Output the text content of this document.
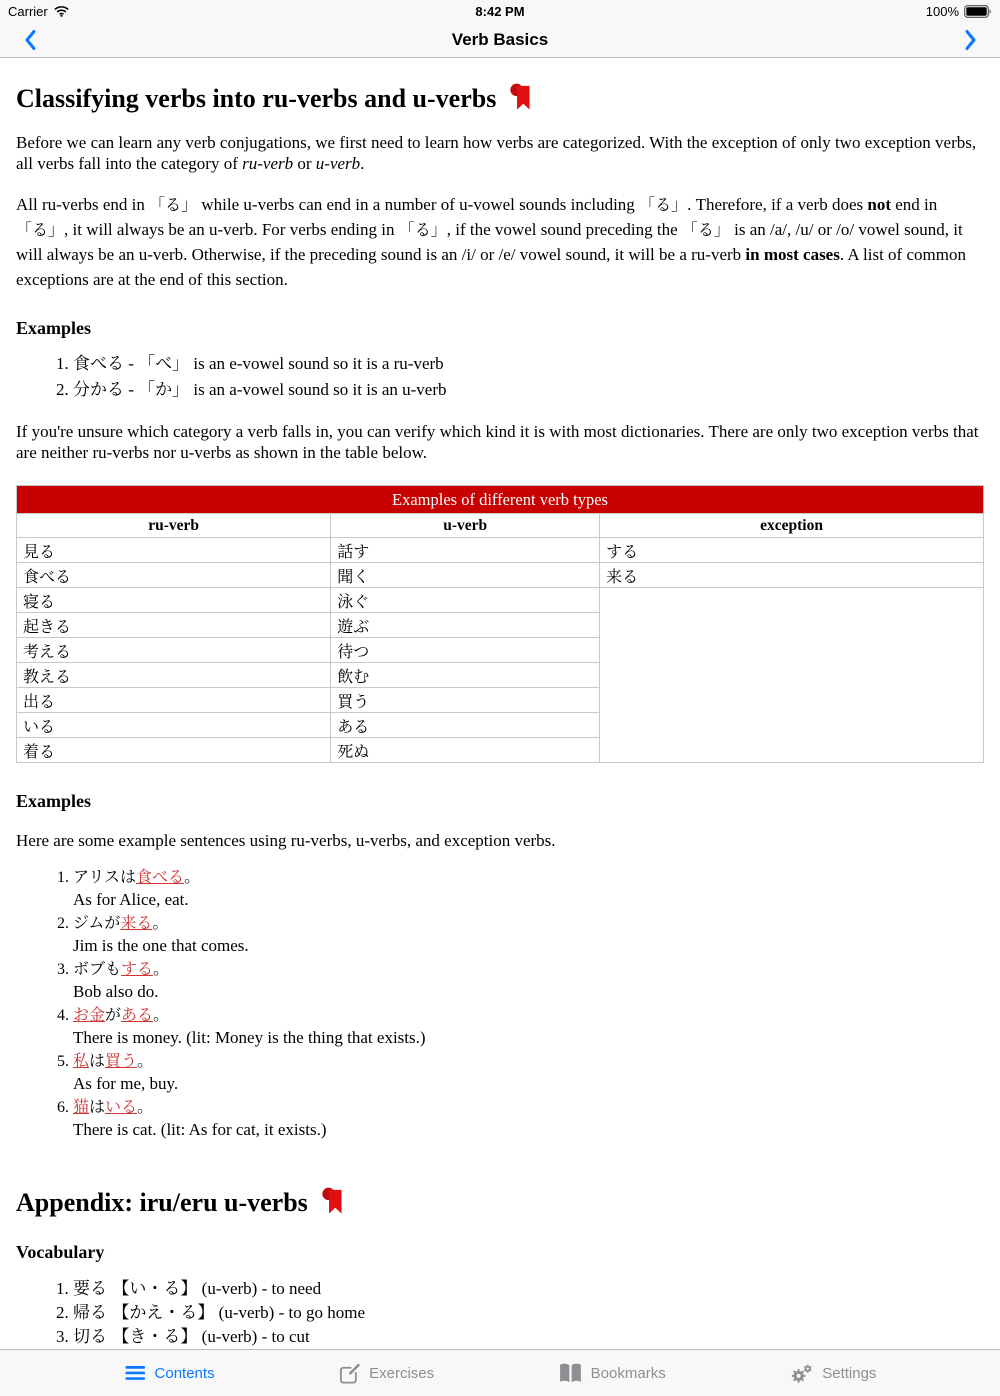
Carrier	8:42 PM	100%
Verb Basics
Classifying verbs into ru-verbs and u-verbs

Before we can learn any verb conjugations, we first need to learn how verbs are categorized. With the exception of only two exception verbs, all verbs fall into the category of ru-verb or u-verb.

All ru-verbs end in 「る」 while u-verbs can end in a number of u-vowel sounds including 「る」. Therefore, if a verb does not end in 「る」, it will always be an u-verb. For verbs ending in 「る」, if the vowel sound preceding the 「る」 is an /a/, /u/ or /o/ vowel sound, it will always be an u-verb. Otherwise, if the preceding sound is an /i/ or /e/ vowel sound, it will be a ru-verb in most cases. A list of common exceptions are at the end of this section.

Examples
1. 食べる - 「べ」 is an e-vowel sound so it is a ru-verb
2. 分かる - 「か」 is an a-vowel sound so it is an u-verb

If you're unsure which category a verb falls in, you can verify which kind it is with most dictionaries. There are only two exception verbs that are neither ru-verbs nor u-verbs as shown in the table below.

Examples of different verb types		
ru-verb	u-verb	exception
見る	話す	する
食べる	聞く	来る
寝る	泳ぐ	
起きる	遊ぶ	
考える	待つ	
教える	飲む	
出る	買う	
いる	ある	
着る	死ぬ	
Examples

Here are some example sentences using ru-verbs, u-verbs, and exception verbs.

1. アリスは食べる。
As for Alice, eat.
2. ジムが来る。
Jim is the one that comes.
3. ボブもする。
Bob also do.
4. お金がある。
There is money. (lit: Money is the thing that exists.)
5. 私は買う。
As for me, buy.
6. 猫はいる。
There is cat. (lit: As for cat, it exists.)
Appendix: iru/eru u-verbs
Vocabulary
1. 要る 【い・る】 (u-verb) - to need
2. 帰る 【かえ・る】 (u-verb) - to go home
3. 切る 【き・る】 (u-verb) - to cut
Contents	Exercises	Bookmarks	Settings
